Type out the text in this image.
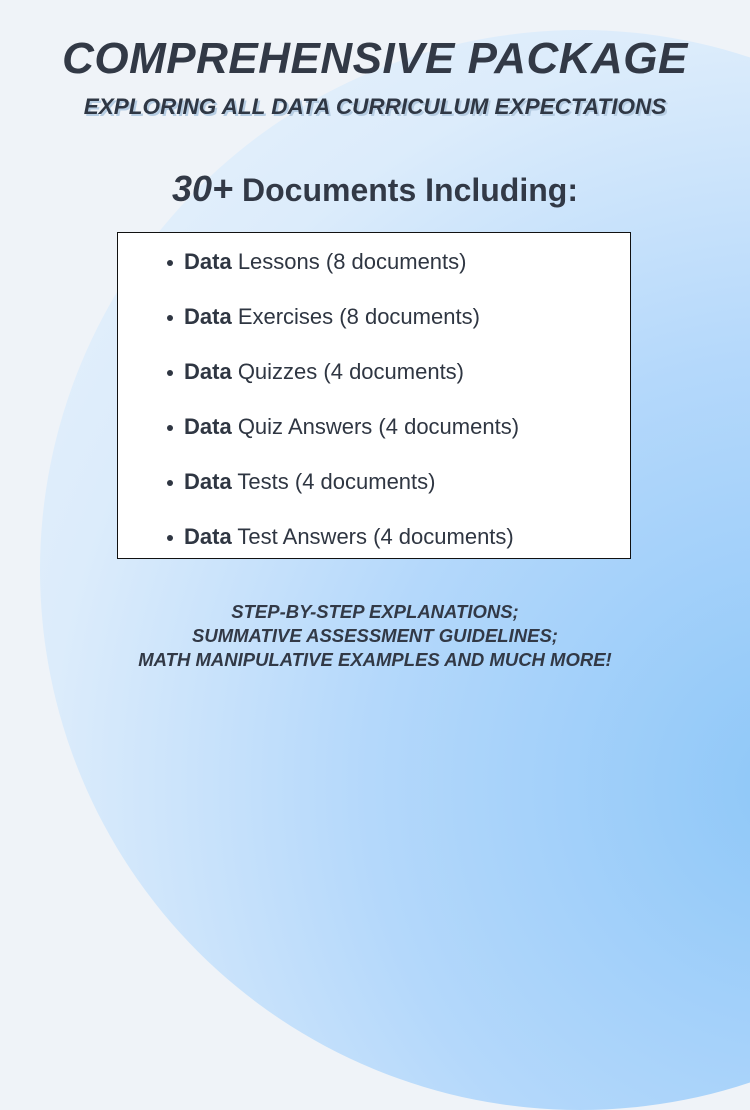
COMPREHENSIVE PACKAGE
EXPLORING ALL DATA CURRICULUM EXPECTATIONS
30+ Documents Including:
Data Lessons (8 documents)
Data Exercises (8 documents)
Data Quizzes (4 documents)
Data Quiz Answers (4 documents)
Data Tests (4 documents)
Data Test Answers (4 documents)

STEP-BY-STEP EXPLANATIONS;
SUMMATIVE ASSESSMENT GUIDELINES;
MATH MANIPULATIVE EXAMPLES AND MUCH MORE!
